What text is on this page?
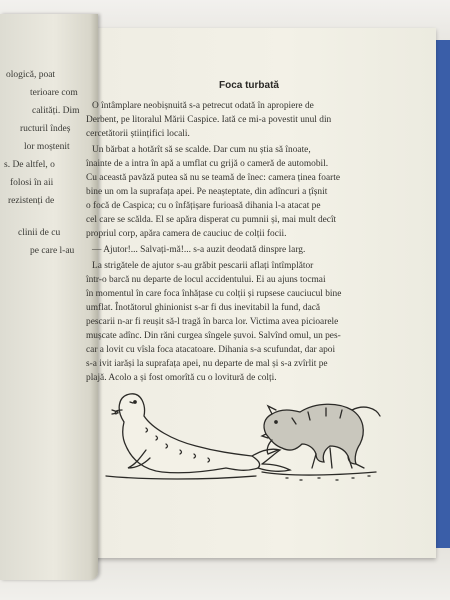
ologică, poat
terioare com
calități. Dim
ructuril îndeș
lor moștenit
s. De altfel, o
folosi în aii
rezistenți de
clinii de cu
pe care l-au
Foca turbată
O întâmplare neobișnuită s-a petrecut odată în apropiere de
Derbent, pe litoralul Mării Caspice. Iată ce mi-a povestit unul din
cercetătorii științifici locali.
Un bărbat a hotărît să se scalde. Dar cum nu știa să înoate,
înainte de a intra în apă a umflat cu grijă o cameră de automobil.
Cu această pavăză putea să nu se teamă de înec: camera ținea foarte
bine un om la suprafața apei. Pe neașteptate, din adîncuri a țîșnit
o focă de Caspica; cu o înfățișare furioasă dihania l-a atacat pe
cel care se scălda. El se apăra disperat cu pumnii și, mai mult decît
propriul corp, apăra camera de cauciuc de colții focii.
— Ajutor!... Salvați-mă!... s-a auzit deodată dinspre larg.
La strigătele de ajutor s-au grăbit pescarii aflați întîmplător
într-o barcă nu departe de locul accidentului. Ei au ajuns tocmai
în momentul în care foca înhățase cu colții și rupsese cauciucul bine
umflat. Înotătorul ghinionist s-ar fi dus inevitabil la fund, dacă
pescarii n-ar fi reușit să-l tragă în barca lor. Victima avea picioarele
mușcate adînc. Din răni curgea sîngele șuvoi. Salvînd omul, un pes-
car a lovit cu vîsla foca atacatoare. Dihania s-a scufundat, dar apoi
s-a ivit iarăși la suprafața apei, nu departe de mal și s-a zvîrlit pe
plajă. Acolo a și fost omorîtă cu o lovitură de colți.
